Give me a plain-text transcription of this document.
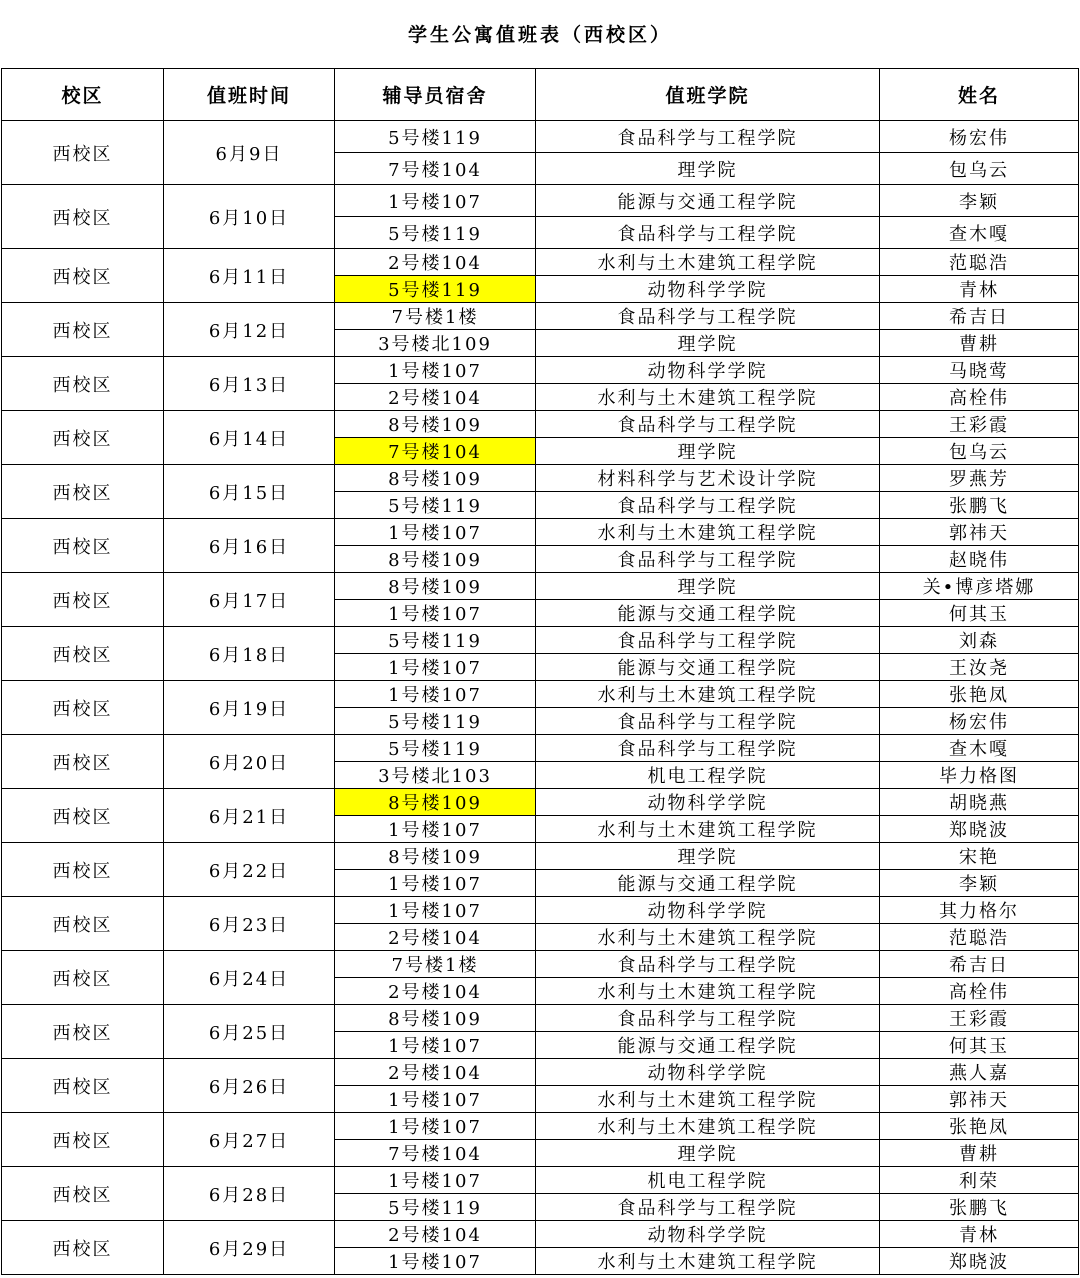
学生公寓值班表（西校区）
校区	值班时间	辅导员宿舍	值班学院	姓名
西校区	6月9日	5号楼119	食品科学与工程学院	杨宏伟
		7号楼104	理学院	包乌云
西校区	6月10日	1号楼107	能源与交通工程学院	李颖
		5号楼119	食品科学与工程学院	查木嘎
西校区	6月11日	2号楼104	水利与土木建筑工程学院	范聪浩
		5号楼119	动物科学学院	青林
西校区	6月12日	7号楼1楼	食品科学与工程学院	希吉日
		3号楼北109	理学院	曹耕
西校区	6月13日	1号楼107	动物科学学院	马晓莺
		2号楼104	水利与土木建筑工程学院	高栓伟
西校区	6月14日	8号楼109	食品科学与工程学院	王彩霞
		7号楼104	理学院	包乌云
西校区	6月15日	8号楼109	材料科学与艺术设计学院	罗燕芳
		5号楼119	食品科学与工程学院	张鹏飞
西校区	6月16日	1号楼107	水利与土木建筑工程学院	郭祎天
		8号楼109	食品科学与工程学院	赵晓伟
西校区	6月17日	8号楼109	理学院	关•博彦塔娜
		1号楼107	能源与交通工程学院	何其玉
西校区	6月18日	5号楼119	食品科学与工程学院	刘森
		1号楼107	能源与交通工程学院	王汝尧
西校区	6月19日	1号楼107	水利与土木建筑工程学院	张艳凤
		5号楼119	食品科学与工程学院	杨宏伟
西校区	6月20日	5号楼119	食品科学与工程学院	查木嘎
		3号楼北103	机电工程学院	毕力格图
西校区	6月21日	8号楼109	动物科学学院	胡晓燕
		1号楼107	水利与土木建筑工程学院	郑晓波
西校区	6月22日	8号楼109	理学院	宋艳
		1号楼107	能源与交通工程学院	李颖
西校区	6月23日	1号楼107	动物科学学院	其力格尔
		2号楼104	水利与土木建筑工程学院	范聪浩
西校区	6月24日	7号楼1楼	食品科学与工程学院	希吉日
		2号楼104	水利与土木建筑工程学院	高栓伟
西校区	6月25日	8号楼109	食品科学与工程学院	王彩霞
		1号楼107	能源与交通工程学院	何其玉
西校区	6月26日	2号楼104	动物科学学院	燕人嘉
		1号楼107	水利与土木建筑工程学院	郭祎天
西校区	6月27日	1号楼107	水利与土木建筑工程学院	张艳凤
		7号楼104	理学院	曹耕
西校区	6月28日	1号楼107	机电工程学院	利荣
		5号楼119	食品科学与工程学院	张鹏飞
西校区	6月29日	2号楼104	动物科学学院	青林
		1号楼107	水利与土木建筑工程学院	郑晓波
